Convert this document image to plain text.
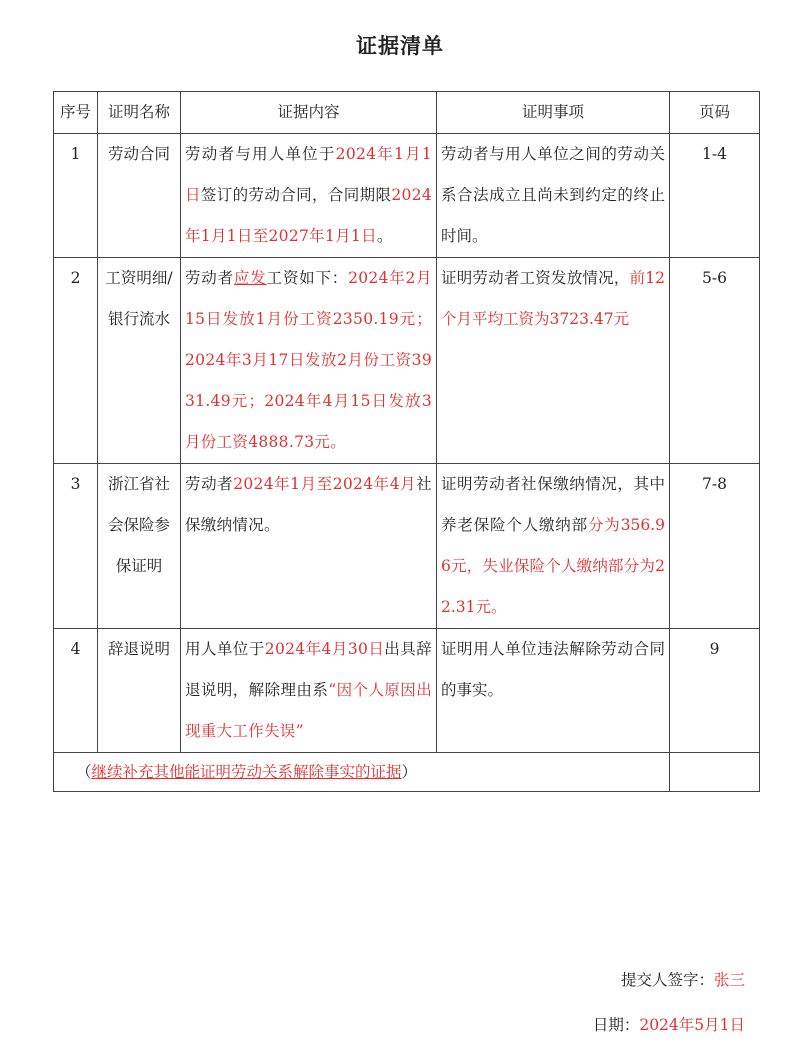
证据清单
序号	证明名称	证据内容	证明事项	页码
1	劳动合同	劳动者与用人单位于2024年1月1日签订的劳动合同，合同期限2024年1月1日至2027年1月1日。	劳动者与用人单位之间的劳动关系合法成立且尚未到约定的终止时间。	1-4
2	工资明细/银行流水	劳动者应发工资如下：2024年2月15日发放1月份工资2350.19元；2024年3月17日发放2月份工资3931.49元；2024年4月15日发放3月份工资4888.73元。	证明劳动者工资发放情况，前12个月平均工资为3723.47元	5-6
3	浙江省社会保险参保证明	劳动者2024年1月至2024年4月社保缴纳情况。	证明劳动者社保缴纳情况，其中养老保险个人缴纳部分为356.96元，失业保险个人缴纳部分为22.31元。	7-8
4	辞退说明	用人单位于2024年4月30日出具辞退说明，解除理由系“因个人原因出现重大工作失误”	证明用人单位违法解除劳动合同的事实。	9
（继续补充其他能证明劳动关系解除事实的证据）				
提交人签字：张三
日期：2024年5月1日
